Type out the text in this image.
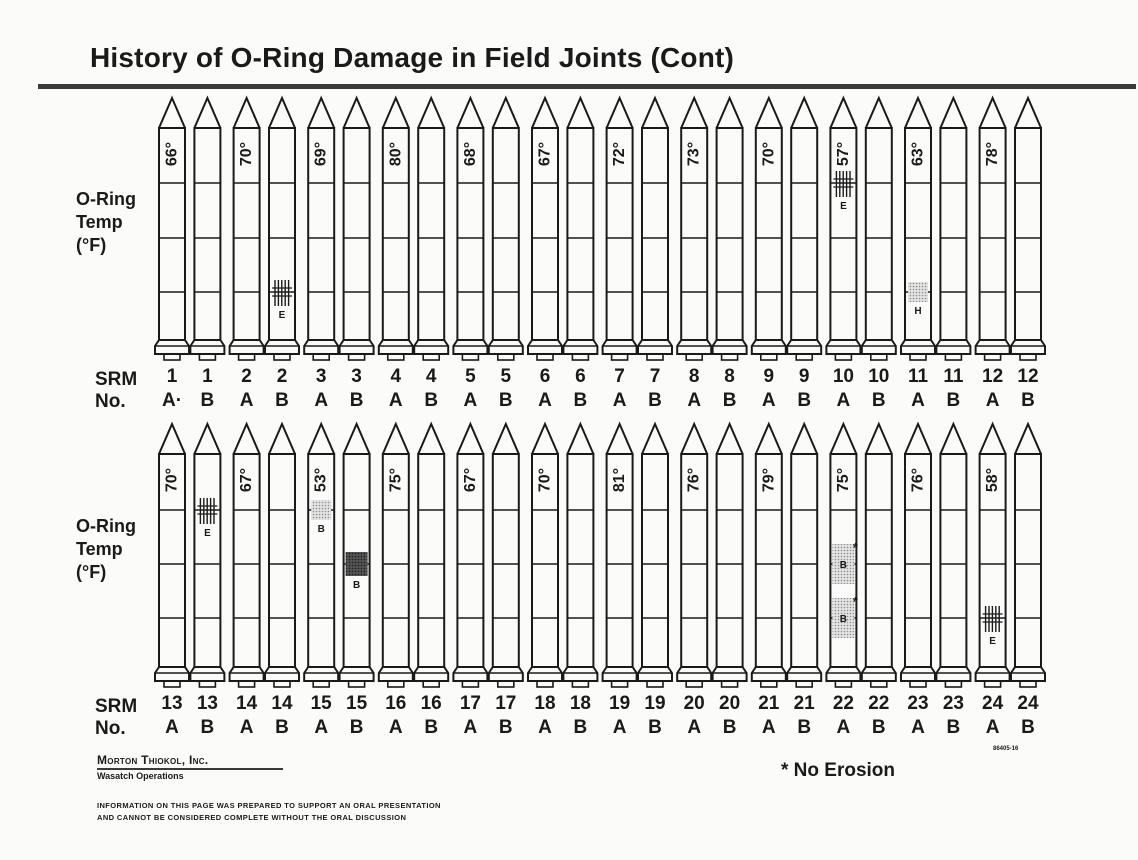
History of O-Ring Damage in Field Joints (Cont)
O-Ring
Temp
(°F)
O-Ring
Temp
(°F)
SRM
No.
SRM
No.
66°	70°
E
69°	80°	68°	67°	72°	73°	70°
E
57°
H
63°	78°
70°
E
67°
B
53°
B
75°	67°	70°	81°	76°	79°
B
*
B
*
75°	76°
E
58°
1
A·
1
B
2
A
2
B
3
A
3
B
4
A
4
B
5
A
5
B
6
A
6
B
7
A
7
B
8
A
8
B
9
A
9
B
10
A
10
B
11
A
11
B
12
A
12
B
13
A
13
B
14
A
14
B
15
A
15
B
16
A
16
B
17
A
17
B
18
A
18
B
19
A
19
B
20
A
20
B
21
A
21
B
22
A
22
B
23
A
23
B
24
A
24
B
Morton Thiokol, Inc.
Wasatch Operations
INFORMATION ON THIS PAGE WAS PREPARED TO SUPPORT AN ORAL PRESENTATION
AND CANNOT BE CONSIDERED COMPLETE WITHOUT THE ORAL DISCUSSION
* No Erosion
86405-16
